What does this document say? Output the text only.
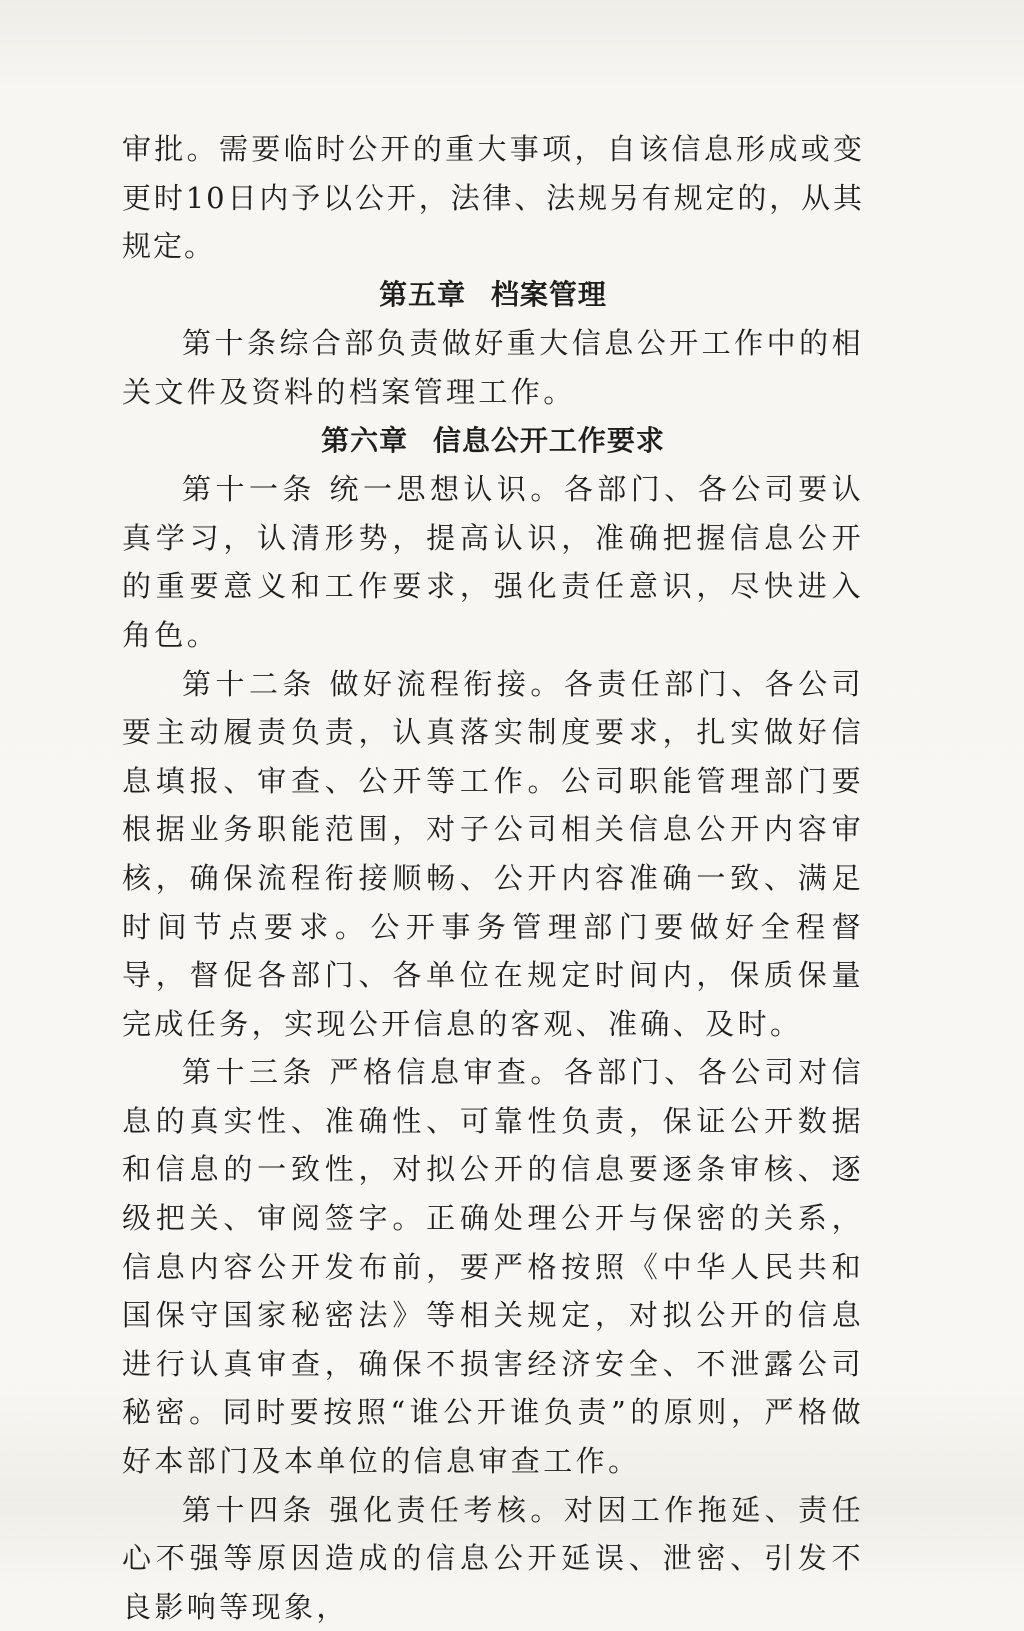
审批。需要临时公开的重大事项，自该信息形成或变更时10日内予以公开，法律、法规另有规定的，从其规定。

第五章 档案管理

第十条综合部负责做好重大信息公开工作中的相关文件及资料的档案管理工作。

第六章 信息公开工作要求

第十一条 统一思想认识。各部门、各公司要认真学习，认清形势，提高认识，准确把握信息公开的重要意义和工作要求，强化责任意识，尽快进入角色。

第十二条 做好流程衔接。各责任部门、各公司要主动履责负责，认真落实制度要求，扎实做好信息填报、审查、公开等工作。公司职能管理部门要根据业务职能范围，对子公司相关信息公开内容审核，确保流程衔接顺畅、公开内容准确一致、满足时间节点要求。公开事务管理部门要做好全程督导，督促各部门、各单位在规定时间内，保质保量完成任务，实现公开信息的客观、准确、及时。

第十三条 严格信息审查。各部门、各公司对信息的真实性、准确性、可靠性负责，保证公开数据和信息的一致性，对拟公开的信息要逐条审核、逐级把关、审阅签字。正确处理公开与保密的关系，信息内容公开发布前，要严格按照《中华人民共和国保守国家秘密法》等相关规定，对拟公开的信息进行认真审查，确保不损害经济安全、不泄露公司秘密。同时要按照“谁公开谁负责”的原则，严格做好本部门及本单位的信息审查工作。

第十四条 强化责任考核。对因工作拖延、责任心不强等原因造成的信息公开延误、泄密、引发不良影响等现象，
